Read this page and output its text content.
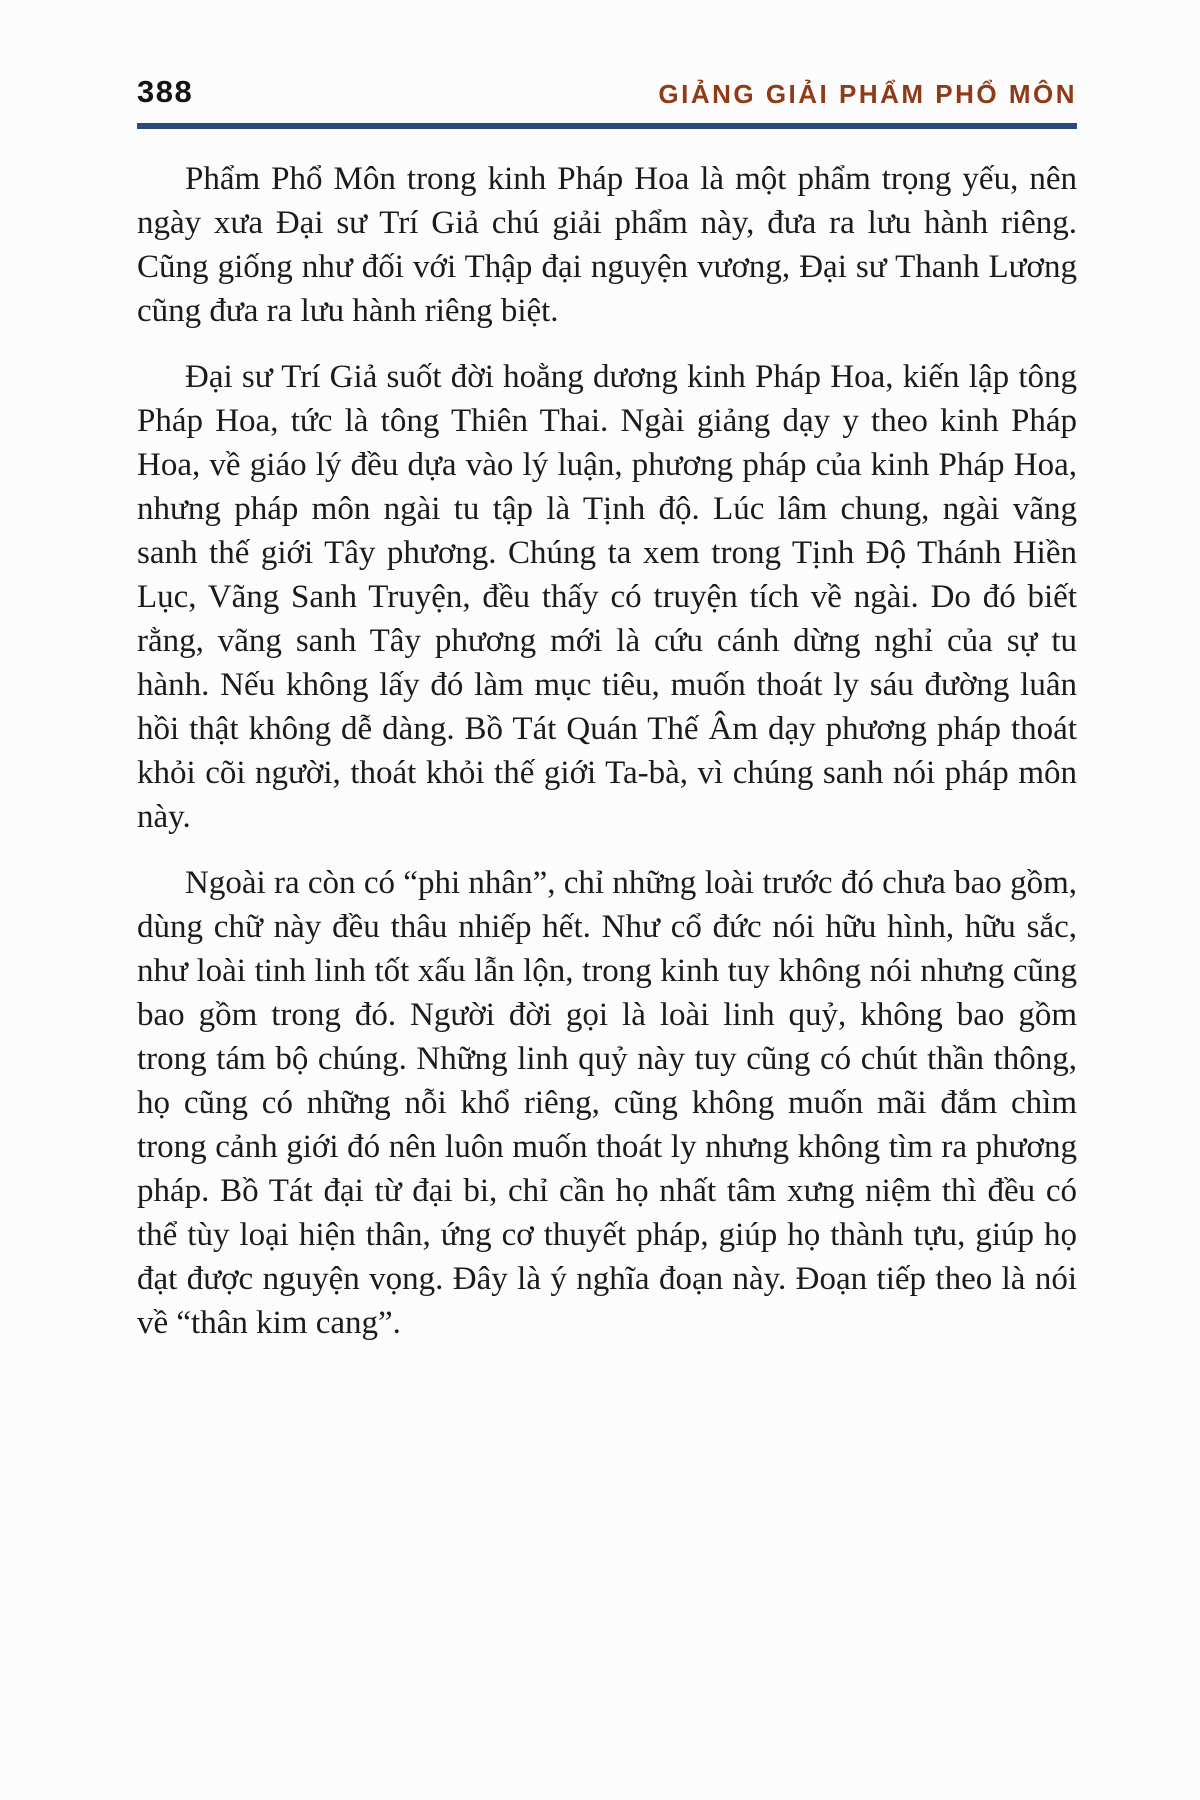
388	GIẢNG GIẢI PHẨM PHỔ MÔN

Phẩm Phổ Môn trong kinh Pháp Hoa là một phẩm trọng yếu, nên ngày xưa Đại sư Trí Giả chú giải phẩm này, đưa ra lưu hành riêng. Cũng giống như đối với Thập đại nguyện vương, Đại sư Thanh Lương cũng đưa ra lưu hành riêng biệt.

Đại sư Trí Giả suốt đời hoằng dương kinh Pháp Hoa, kiến lập tông Pháp Hoa, tức là tông Thiên Thai. Ngài giảng dạy y theo kinh Pháp Hoa, về giáo lý đều dựa vào lý luận, phương pháp của kinh Pháp Hoa, nhưng pháp môn ngài tu tập là Tịnh độ. Lúc lâm chung, ngài vãng sanh thế giới Tây phương. Chúng ta xem trong Tịnh Độ Thánh Hiền Lục, Vãng Sanh Truyện, đều thấy có truyện tích về ngài. Do đó biết rằng, vãng sanh Tây phương mới là cứu cánh dừng nghỉ của sự tu hành. Nếu không lấy đó làm mục tiêu, muốn thoát ly sáu đường luân hồi thật không dễ dàng. Bồ Tát Quán Thế Âm dạy phương pháp thoát khỏi cõi người, thoát khỏi thế giới Ta-bà, vì chúng sanh nói pháp môn này.

Ngoài ra còn có “phi nhân”, chỉ những loài trước đó chưa bao gồm, dùng chữ này đều thâu nhiếp hết. Như cổ đức nói hữu hình, hữu sắc, như loài tinh linh tốt xấu lẫn lộn, trong kinh tuy không nói nhưng cũng bao gồm trong đó. Người đời gọi là loài linh quỷ, không bao gồm trong tám bộ chúng. Những linh quỷ này tuy cũng có chút thần thông, họ cũng có những nỗi khổ riêng, cũng không muốn mãi đắm chìm trong cảnh giới đó nên luôn muốn thoát ly nhưng không tìm ra phương pháp. Bồ Tát đại từ đại bi, chỉ cần họ nhất tâm xưng niệm thì đều có thể tùy loại hiện thân, ứng cơ thuyết pháp, giúp họ thành tựu, giúp họ đạt được nguyện vọng. Đây là ý nghĩa đoạn này. Đoạn tiếp theo là nói về “thân kim cang”.
